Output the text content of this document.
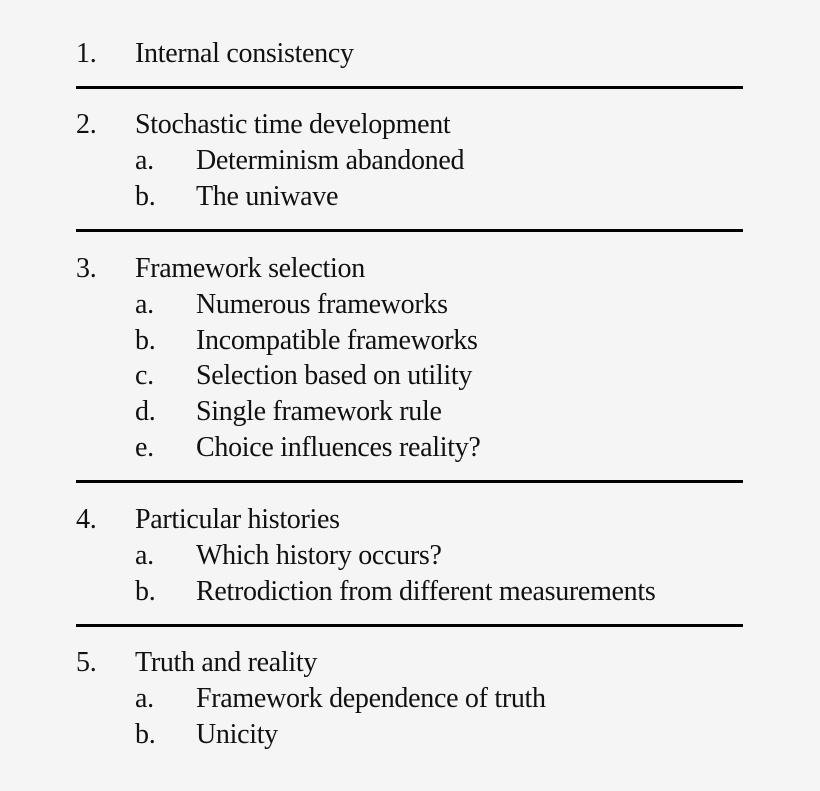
1. Internal consistency
2. Stochastic time development
a. Determinism abandoned
b. The uniwave
3. Framework selection
a. Numerous frameworks
b. Incompatible frameworks
c. Selection based on utility
d. Single framework rule
e. Choice influences reality?
4. Particular histories
a. Which history occurs?
b. Retrodiction from different measurements
5. Truth and reality
a. Framework dependence of truth
b. Unicity
